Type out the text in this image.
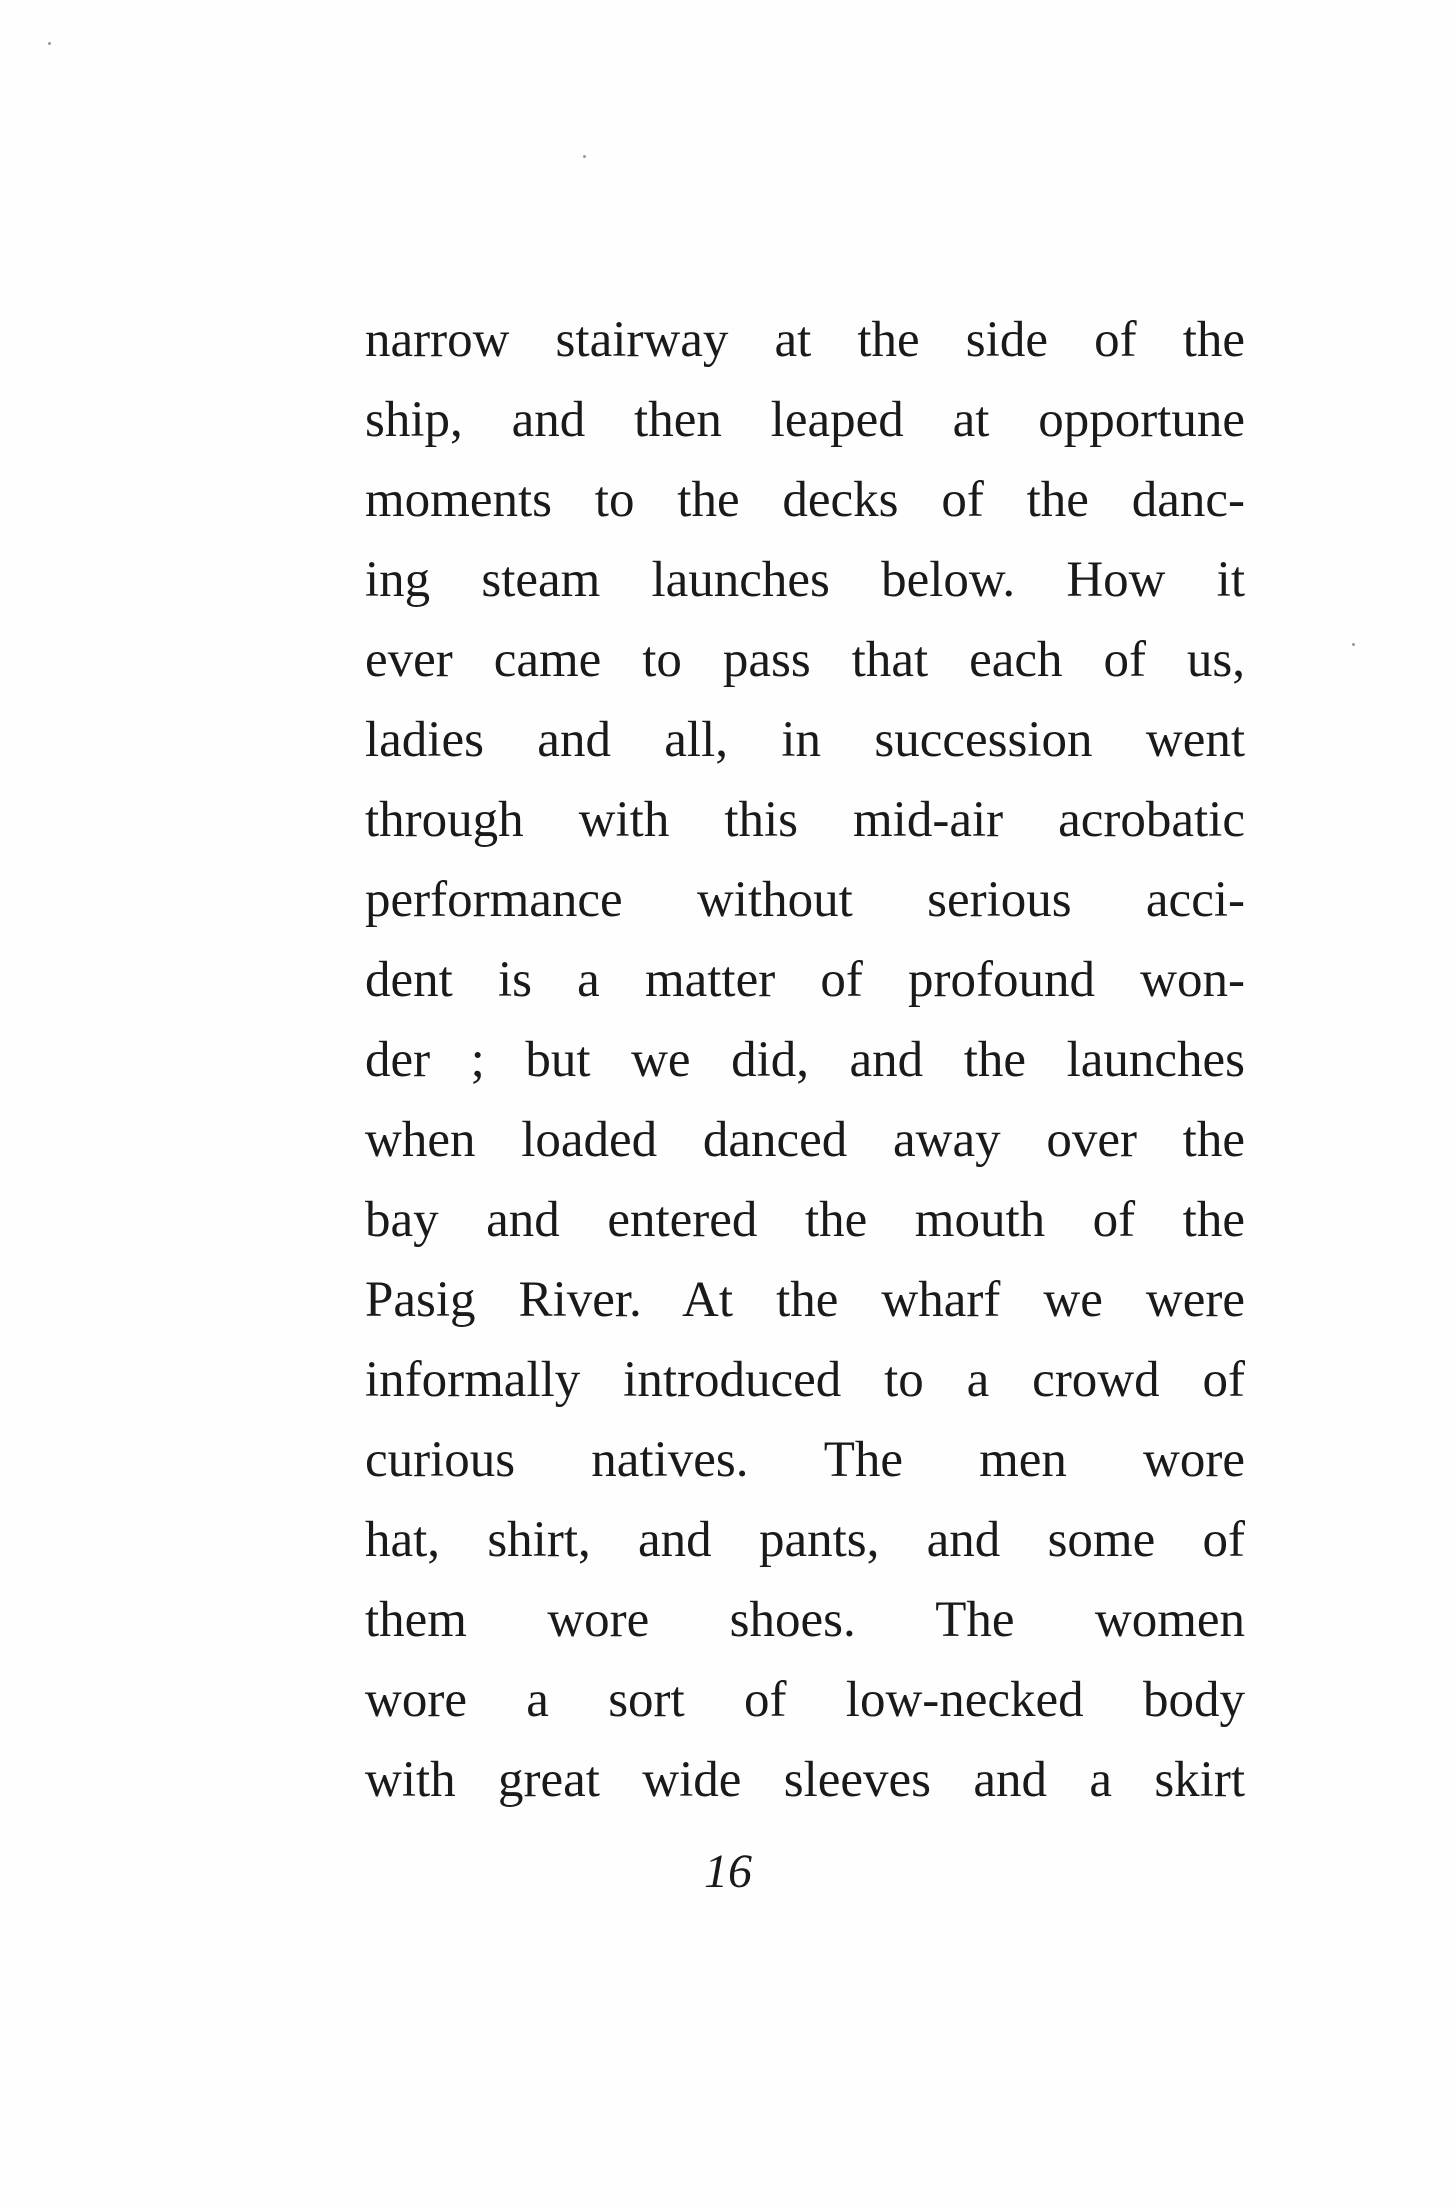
narrow stairway at the side of the
ship, and then leaped at opportune
moments to the decks of the danc-
ing steam launches below. How it
ever came to pass that each of us,
ladies and all, in succession went
through with this mid-air acrobatic
performance without serious acci-
dent is a matter of profound won-
der ; but we did, and the launches
when loaded danced away over the
bay and entered the mouth of the
Pasig River. At the wharf we were
informally introduced to a crowd of
curious natives. The men wore
hat, shirt, and pants, and some of
them wore shoes. The women
wore a sort of low-necked body
with great wide sleeves and a skirt
16
